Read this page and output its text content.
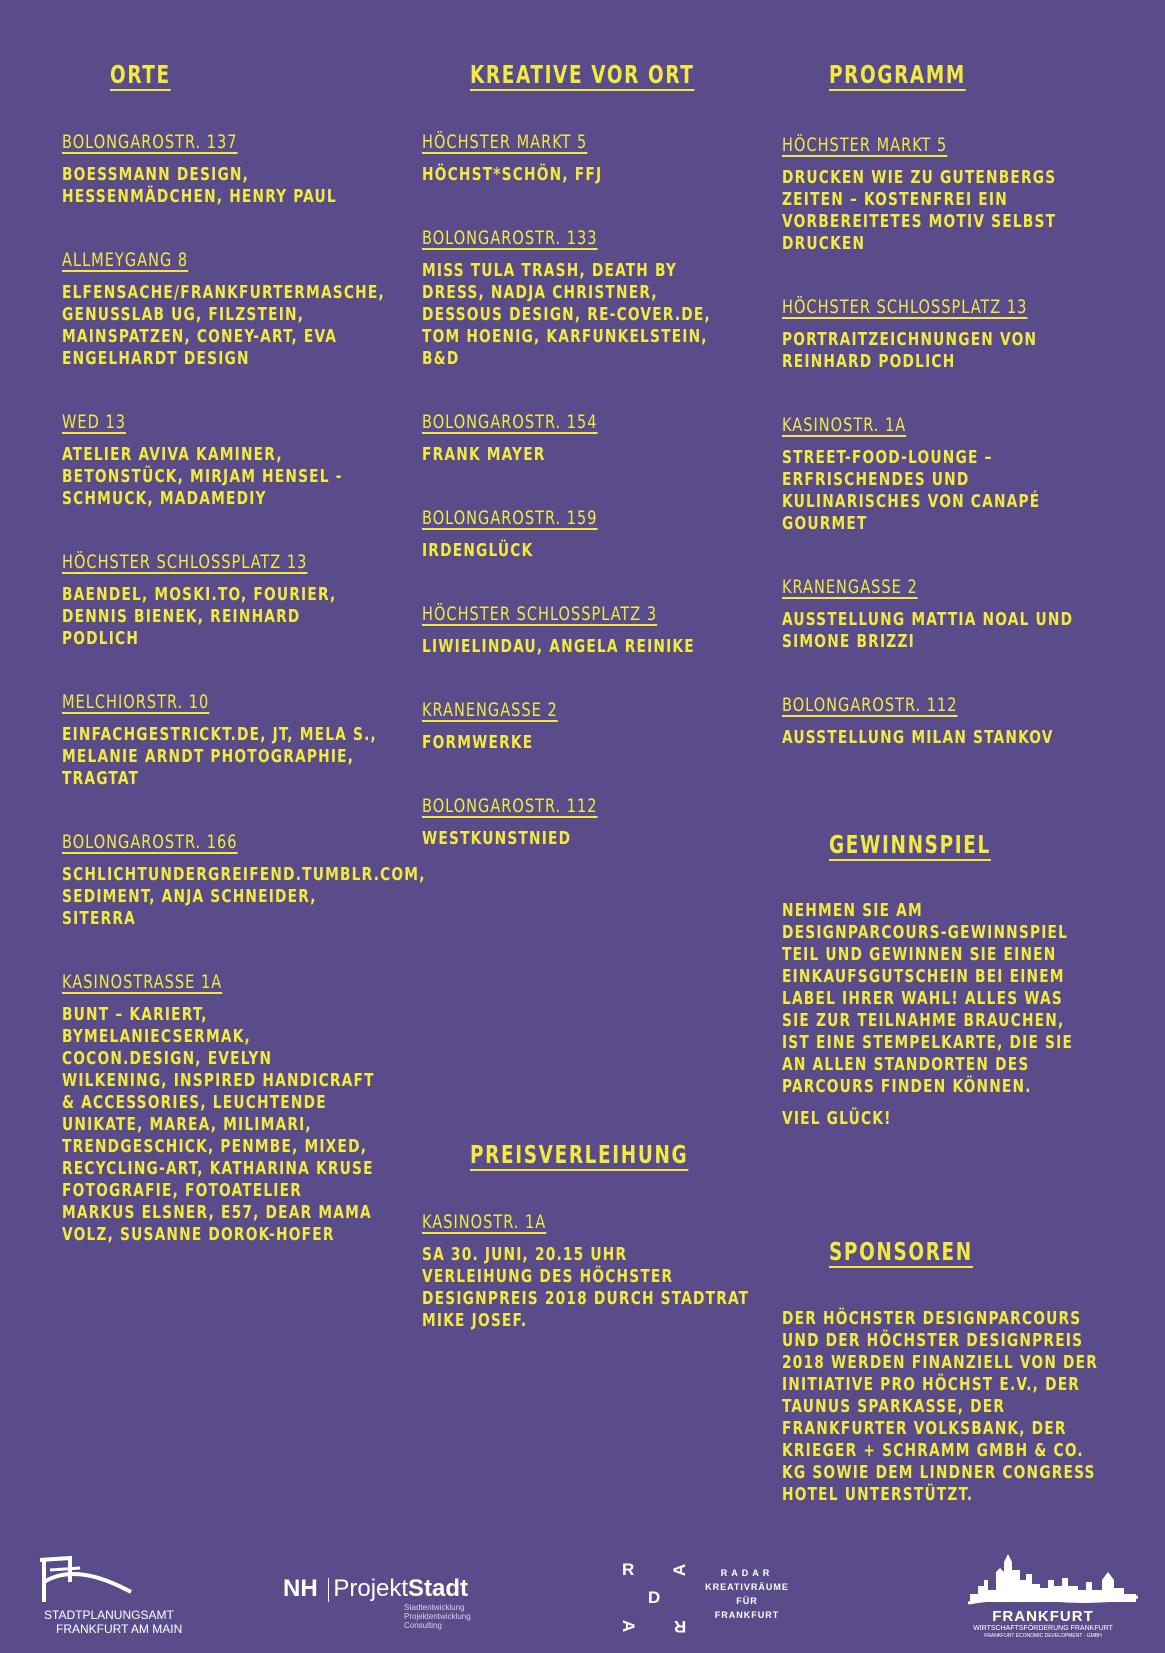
ORTE
BOLONGAROSTR. 137
BOESSMANN DESIGN, HESSENMÄDCHEN, HENRY PAUL
ALLMEYGANG 8
ELFENSACHE/FRANKFURTERMASCHE, GENUSSLAB UG, FILZSTEIN, MAINSPATZEN, CONEY-ART, EVA ENGELHARDT DESIGN
WED 13
ATELIER AVIVA KAMINER, BETONSTÜCK, MIRJAM HENSEL - SCHMUCK, MADAMEDIY
HÖCHSTER SCHLOSSPLATZ 13
BAENDEL, MOSKI.TO, FOURIER, DENNIS BIENEK, REINHARD PODLICH
MELCHIORSTR. 10
EINFACHGESTRICKT.DE, JT, MELA S., MELANIE ARNDT PHOTOGRAPHIE, TRAGTAT
BOLONGAROSTR. 166
SCHLICHTUNDERGREIFEND.TUMBLR.COM, SEDIMENT, ANJA SCHNEIDER, SITERRA
KASINOSTRASSE 1A
BUNT – KARIERT, BYMELANIECSERMAK, COCON.DESIGN, EVELYN WILKENING, INSPIRED HANDICRAFT & ACCESSORIES, LEUCHTENDE UNIKATE, MAREA, MILIMARI, TRENDGESCHICK, PENMBE, MIXED, RECYCLING-ART, KATHARINA KRUSE FOTOGRAFIE, FOTOATELIER MARKUS ELSNER, E57, DEAR MAMA VOLZ, SUSANNE DOROK-HOFER
KREATIVE VOR ORT
HÖCHSTER MARKT 5
HÖCHST*SCHÖN, FFJ
BOLONGAROSTR. 133
MISS TULA TRASH, DEATH BY DRESS, NADJA CHRISTNER, DESSOUS DESIGN, RE-COVER.DE, TOM HOENIG, KARFUNKELSTEIN, B&D
BOLONGAROSTR. 154
FRANK MAYER
BOLONGAROSTR. 159
IRDENGLÜCK
HÖCHSTER SCHLOSSPLATZ 3
LIWIELINDAU, ANGELA REINIKE
KRANENGASSE 2
FORMWERKE
BOLONGAROSTR. 112
WESTKUNSTNIED
PROGRAMM
HÖCHSTER MARKT 5
DRUCKEN WIE ZU GUTENBERGS ZEITEN – KOSTENFREI EIN VORBEREITETES MOTIV SELBST DRUCKEN
HÖCHSTER SCHLOSSPLATZ 13
PORTRAITZEICHNUNGEN VON REINHARD PODLICH
KASINOSTR. 1A
STREET-FOOD-LOUNGE – ERFRISCHENDES UND KULINARISCHES VON CANAPÉ GOURMET
KRANENGASSE 2
AUSSTELLUNG MATTIA NOAL UND SIMONE BRIZZI
BOLONGAROSTR. 112
AUSSTELLUNG MILAN STANKOV
GEWINNSPIEL
NEHMEN SIE AM DESIGNPARCOURS-GEWINNSPIEL TEIL UND GEWINNEN SIE EINEN EINKAUFSGUTSCHEIN BEI EINEM LABEL IHRER WAHL! ALLES WAS SIE ZUR TEILNAHME BRAUCHEN, IST EINE STEMPELKARTE, DIE SIE AN ALLEN STANDORTEN DES PARCOURS FINDEN KÖNNEN.
VIEL GLÜCK!
PREISVERLEIHUNG
KASINOSTR. 1A
SA 30. JUNI, 20.15 UHR
VERLEIHUNG DES HÖCHSTER DESIGNPREIS 2018 DURCH STADTRAT MIKE JOSEF.
SPONSOREN
DER HÖCHSTER DESIGNPARCOURS UND DER HÖCHSTER DESIGNPREIS 2018 WERDEN FINANZIELL VON DER INITIATIVE PRO HÖCHST E.V., DER TAUNUS SPARKASSE, DER FRANKFURTER VOLKSBANK, DER KRIEGER + SCHRAMM GMBH & CO. KG SOWIE DEM LINDNER CONGRESS HOTEL UNTERSTÜTZT.
STADTPLANUNGSAMT
FRANKFURT AM MAIN
NH ProjektStadt
Stadtentwicklung
Projektentwicklung
Consulting
R A
D
A R
RADAR
KREATIVRÄUME
FÜR
FRANKFURT	FRANKFURT
WIRTSCHAFTSFÖRDERUNG FRANKFURT
FRANKFURT ECONOMIC DEVELOPMENT · GMBH
